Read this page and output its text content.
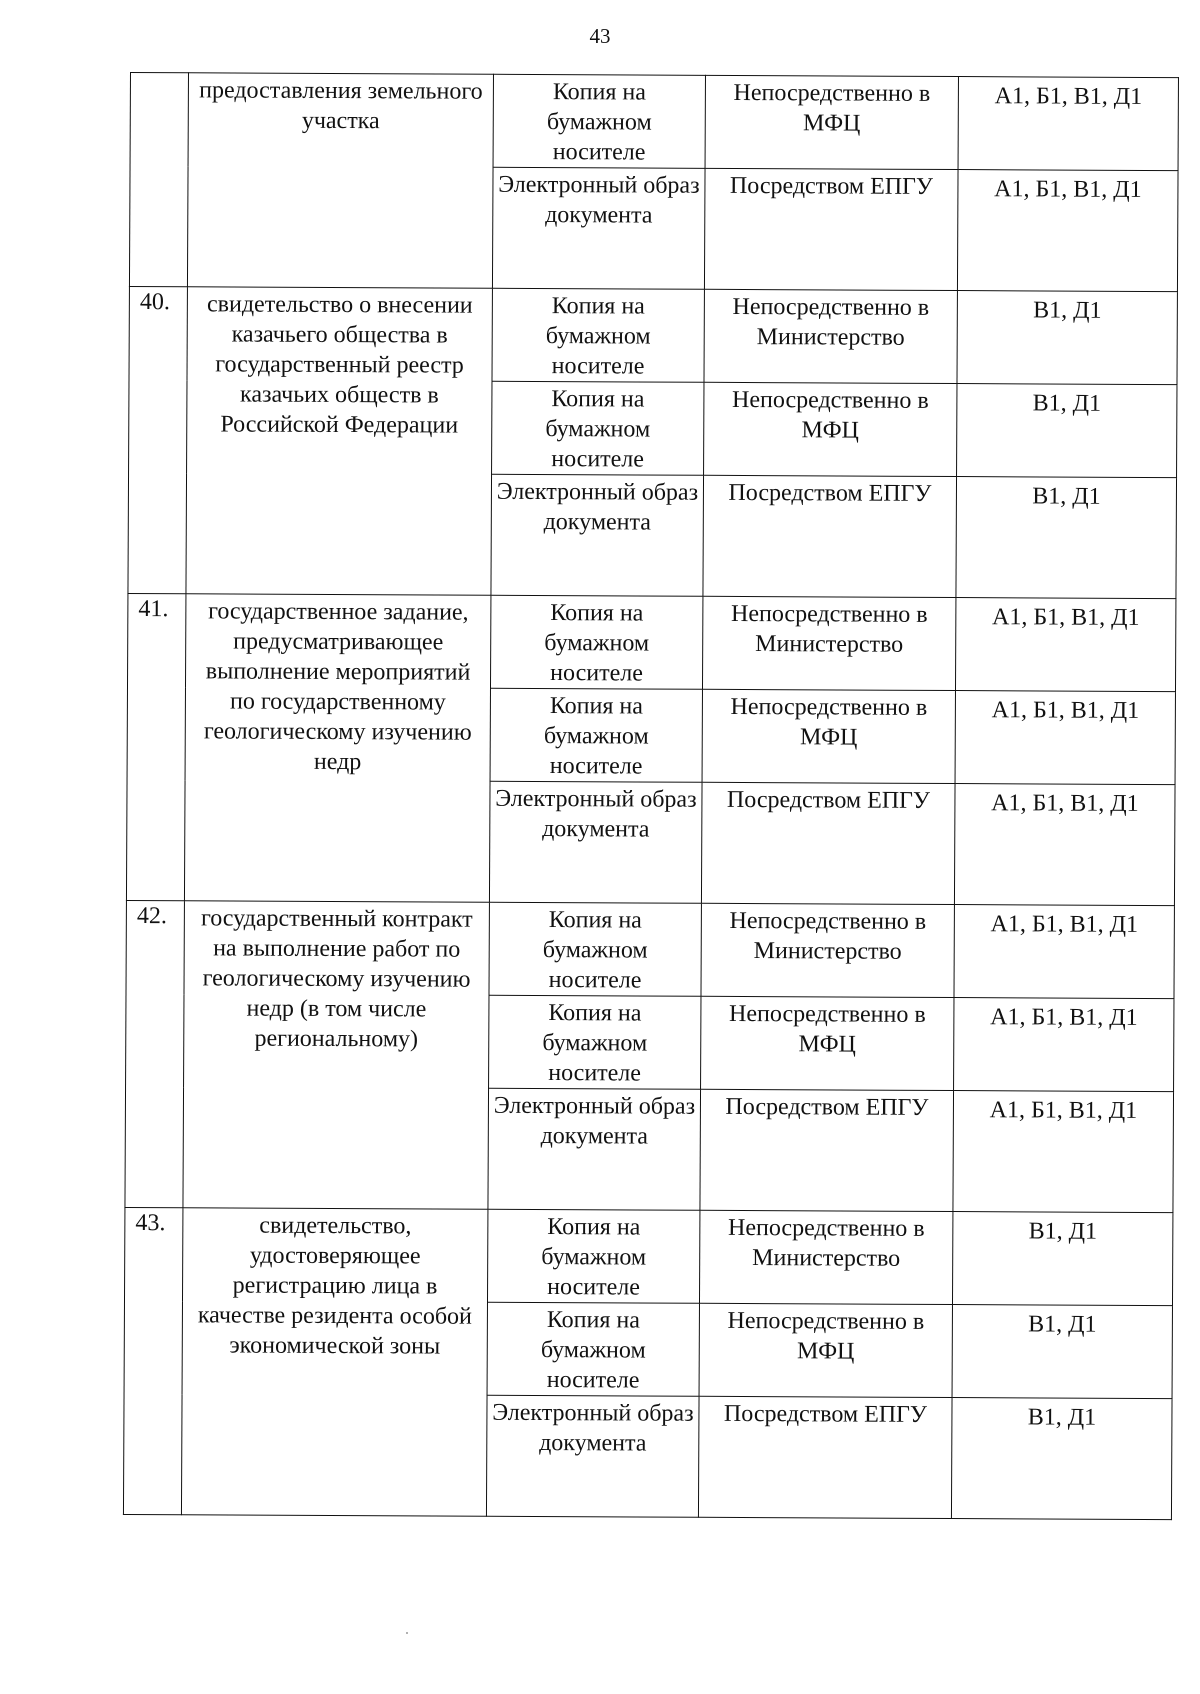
43
	предоставления земельного участка	Копия на бумажном носителе	Непосредственно в МФЦ	А1, Б1, В1, Д1
		Электронный образ документа	Посредством ЕПГУ	А1, Б1, В1, Д1
40.	свидетельство о внесении казачьего общества в государственный реестр казачьих обществ в Российской Федерации	Копия на бумажном носителе	Непосредственно в Министерство	В1, Д1
		Копия на бумажном носителе	Непосредственно в МФЦ	В1, Д1
		Электронный образ документа	Посредством ЕПГУ	В1, Д1
41.	государственное задание, предусматривающее выполнение мероприятий по государственному геологическому изучению недр	Копия на бумажном носителе	Непосредственно в Министерство	А1, Б1, В1, Д1
		Копия на бумажном носителе	Непосредственно в МФЦ	А1, Б1, В1, Д1
		Электронный образ документа	Посредством ЕПГУ	А1, Б1, В1, Д1
42.	государственный контракт на выполнение работ по геологическому изучению недр (в том числе региональному)	Копия на бумажном носителе	Непосредственно в Министерство	А1, Б1, В1, Д1
		Копия на бумажном носителе	Непосредственно в МФЦ	А1, Б1, В1, Д1
		Электронный образ документа	Посредством ЕПГУ	А1, Б1, В1, Д1
43.	свидетельство, удостоверяющее регистрацию лица в качестве резидента особой экономической зоны	Копия на бумажном носителе	Непосредственно в Министерство	В1, Д1
		Копия на бумажном носителе	Непосредственно в МФЦ	В1, Д1
		Электронный образ документа	Посредством ЕПГУ	В1, Д1
